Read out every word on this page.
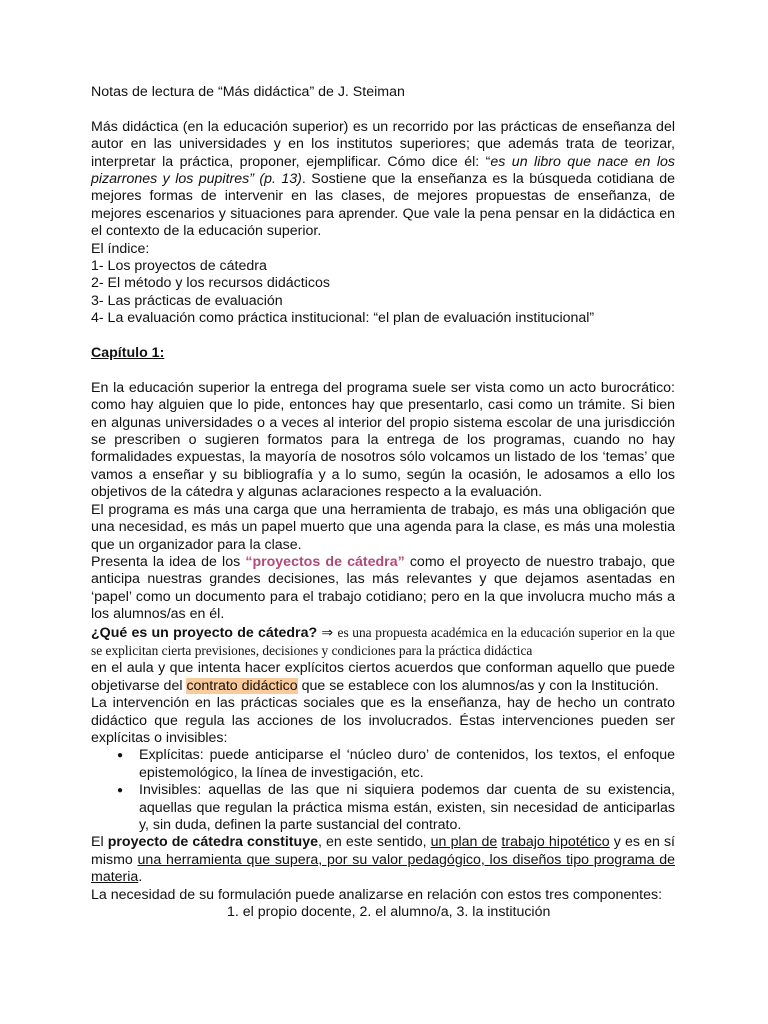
Notas de lectura de “Más didáctica” de J. Steiman

Más didáctica (en la educación superior) es un recorrido por las prácticas de enseñanza del autor en las universidades y en los institutos superiores; que además trata de teorizar, interpretar la práctica, proponer, ejemplificar. Cómo dice él: “es un libro que nace en los pizarrones y los pupitres” (p. 13). Sostiene que la enseñanza es la búsqueda cotidiana de mejores formas de intervenir en las clases, de mejores propuestas de enseñanza, de mejores escenarios y situaciones para aprender. Que vale la pena pensar en la didáctica en el contexto de la educación superior.

El índice:

1- Los proyectos de cátedra

2- El método y los recursos didácticos

3- Las prácticas de evaluación

4- La evaluación como práctica institucional: “el plan de evaluación institucional”

Capítulo 1:

En la educación superior la entrega del programa suele ser vista como un acto burocrático: como hay alguien que lo pide, entonces hay que presentarlo, casi como un trámite. Si bien en algunas universidades o a veces al interior del propio sistema escolar de una jurisdicción se prescriben o sugieren formatos para la entrega de los programas, cuando no hay formalidades expuestas, la mayoría de nosotros sólo volcamos un listado de los ‘temas’ que vamos a enseñar y su bibliografía y a lo sumo, según la ocasión, le adosamos a ello los objetivos de la cátedra y algunas aclaraciones respecto a la evaluación.

El programa es más una carga que una herramienta de trabajo, es más una obligación que una necesidad, es más un papel muerto que una agenda para la clase, es más una molestia que un organizador para la clase.

Presenta la idea de los “proyectos de cátedra” como el proyecto de nuestro trabajo, que anticipa nuestras grandes decisiones, las más relevantes y que dejamos asentadas en ‘papel’ como un documento para el trabajo cotidiano; pero en la que involucra mucho más a los alumnos/as en él.

¿Qué es un proyecto de cátedra? ⇒ es una propuesta académica en la educación superior en la que se explicitan cierta previsiones, decisiones y condiciones para la práctica didáctica

en el aula y que intenta hacer explícitos ciertos acuerdos que conforman aquello que puede objetivarse del contrato didáctico que se establece con los alumnos/as y con la Institución.

La intervención en las prácticas sociales que es la enseñanza, hay de hecho un contrato didáctico que regula las acciones de los involucrados. Éstas intervenciones pueden ser explícitas o invisibles:

● Explícitas: puede anticiparse el ‘núcleo duro’ de contenidos, los textos, el enfoque epistemológico, la línea de investigación, etc.
● Invisibles: aquellas de las que ni siquiera podemos dar cuenta de su existencia, aquellas que regulan la práctica misma están, existen, sin necesidad de anticiparlas y, sin duda, definen la parte sustancial del contrato.

El proyecto de cátedra constituye, en este sentido, un plan de trabajo hipotético y es en sí mismo una herramienta que supera, por su valor pedagógico, los diseños tipo programa de materia.

La necesidad de su formulación puede analizarse en relación con estos tres componentes:

1. el propio docente, 2. el alumno/a, 3. la institución
